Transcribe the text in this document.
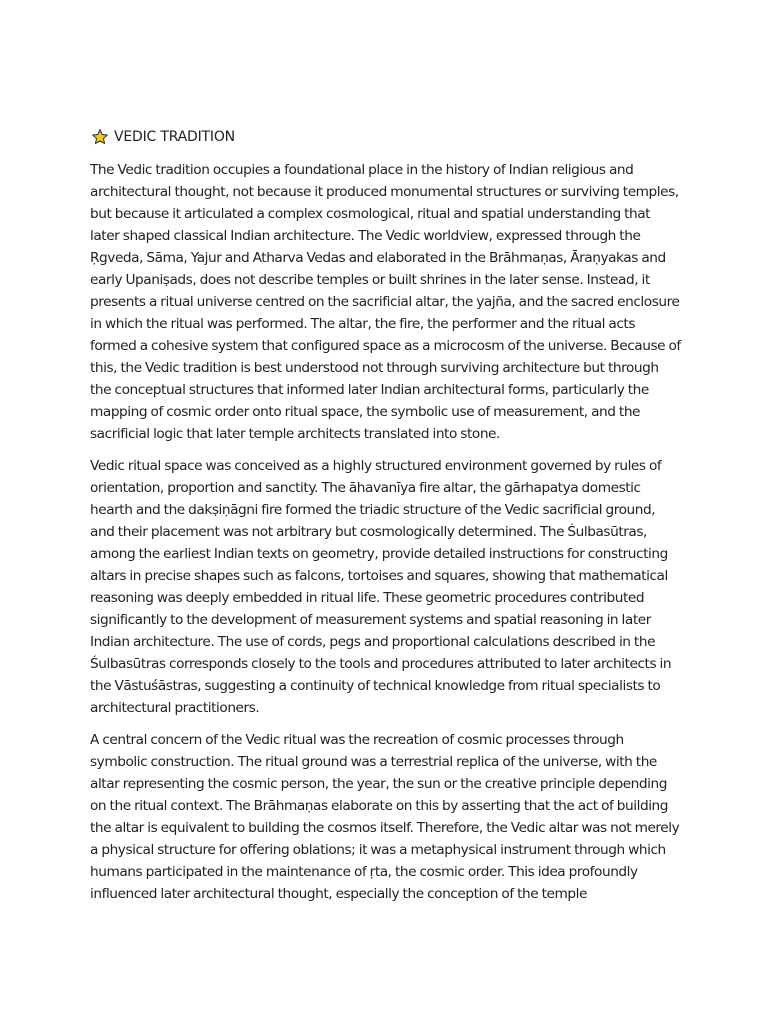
VEDIC TRADITION

The Vedic tradition occupies a foundational place in the history of Indian religious and architectural thought, not because it produced monumental structures or surviving temples, but because it articulated a complex cosmological, ritual and spatial understanding that later shaped classical Indian architecture. The Vedic worldview, expressed through the Ṛgveda, Sāma, Yajur and Atharva Vedas and elaborated in the Brāhmaṇas, Āraṇyakas and early Upaniṣads, does not describe temples or built shrines in the later sense. Instead, it presents a ritual universe centred on the sacrificial altar, the yajña, and the sacred enclosure in which the ritual was performed. The altar, the fire, the performer and the ritual acts formed a cohesive system that configured space as a microcosm of the universe. Because of this, the Vedic tradition is best understood not through surviving architecture but through the conceptual structures that informed later Indian architectural forms, particularly the mapping of cosmic order onto ritual space, the symbolic use of measurement, and the sacrificial logic that later temple architects translated into stone.

Vedic ritual space was conceived as a highly structured environment governed by rules of orientation, proportion and sanctity. The āhavanīya fire altar, the gārhapatya domestic hearth and the dakṣiṇāgni fire formed the triadic structure of the Vedic sacrificial ground, and their placement was not arbitrary but cosmologically determined. The Śulbasūtras, among the earliest Indian texts on geometry, provide detailed instructions for constructing altars in precise shapes such as falcons, tortoises and squares, showing that mathematical reasoning was deeply embedded in ritual life. These geometric procedures contributed significantly to the development of measurement systems and spatial reasoning in later Indian architecture. The use of cords, pegs and proportional calculations described in the Śulbasūtras corresponds closely to the tools and procedures attributed to later architects in the Vāstuśāstras, suggesting a continuity of technical knowledge from ritual specialists to architectural practitioners.

A central concern of the Vedic ritual was the recreation of cosmic processes through symbolic construction. The ritual ground was a terrestrial replica of the universe, with the altar representing the cosmic person, the year, the sun or the creative principle depending on the ritual context. The Brāhmaṇas elaborate on this by asserting that the act of building the altar is equivalent to building the cosmos itself. Therefore, the Vedic altar was not merely a physical structure for offering oblations; it was a metaphysical instrument through which humans participated in the maintenance of ṛta, the cosmic order. This idea profoundly influenced later architectural thought, especially the conception of the temple
